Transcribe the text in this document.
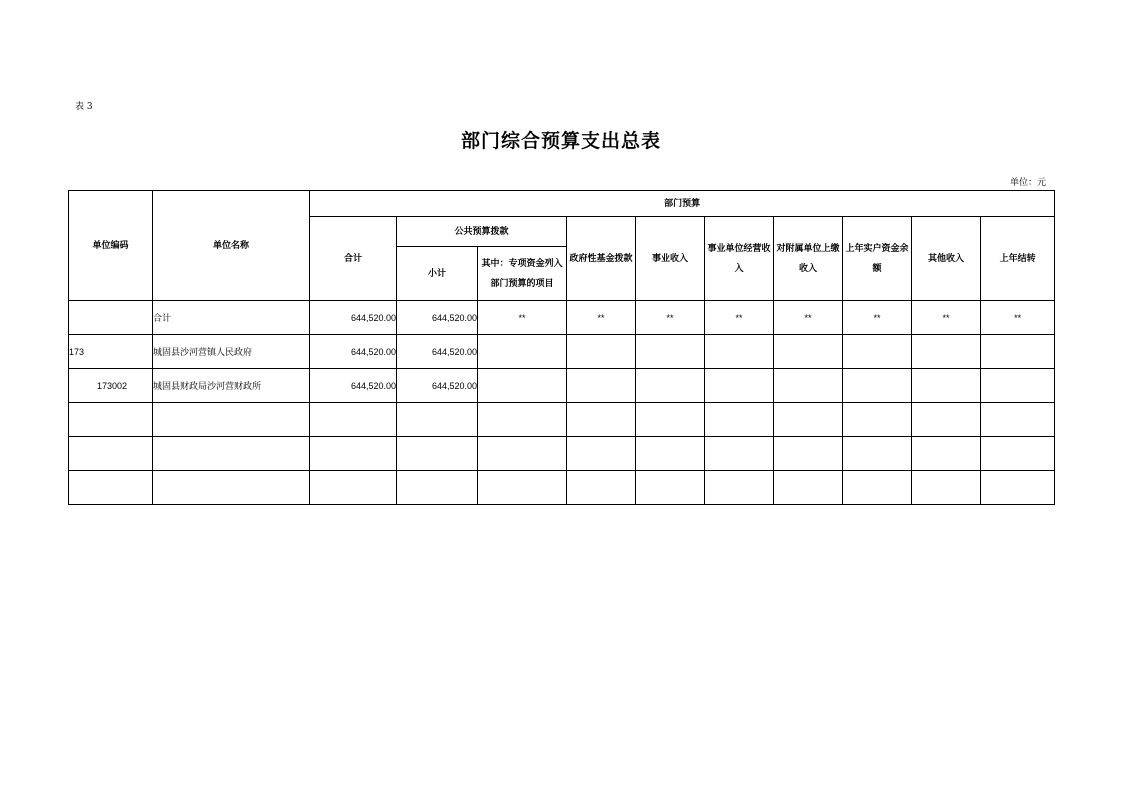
表 3
部门综合预算支出总表
单位：元
单位编码	单位名称	部门预算									
		合计	公共预算拨款		政府性基金拨款	事业收入	事业单位经营收入	对附属单位上缴收入	上年实户资金余额	其他收入	上年结转
			小计	其中：专项资金列入部门预算的项目							
	合计	644,520.00	644,520.00	**	**	**	**	**	**	**	**
173	城固县沙河营镇人民政府	644,520.00	644,520.00								
173002	城固县财政局沙河营财政所	644,520.00	644,520.00								
